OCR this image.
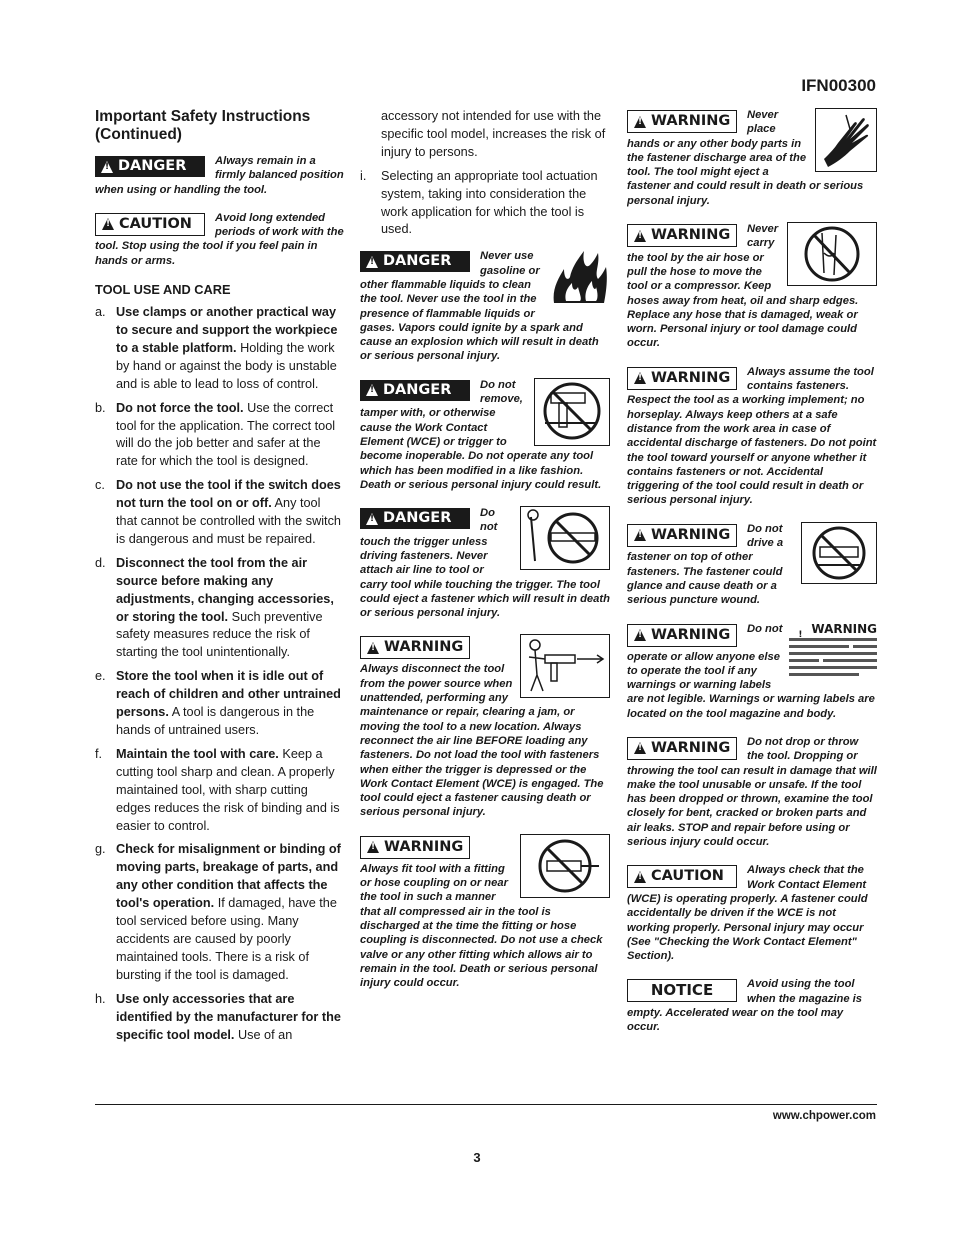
IFN00300
Important Safety Instructions
(Continued)
!
DANGER	Always remain in a firmly balanced position when using or handling the tool.

!
CAUTION	Avoid long extended periods of work with the tool. Stop using the tool if you feel pain in hands or arms.

TOOL USE AND CARE
a. Use clamps or another practical way to secure and support the workpiece to a stable platform. Holding the work by hand or against the body is unstable and is able to lead to loss of control.
b. Do not force the tool. Use the correct tool for the application. The correct tool will do the job better and safer at the rate for which the tool is designed.
c. Do not use the tool if the switch does not turn the tool on or off. Any tool that cannot be controlled with the switch is dangerous and must be repaired.
d. Disconnect the tool from the air source before making any adjustments, changing accessories, or storing the tool. Such preventive safety measures reduce the risk of starting the tool unintentionally.
e. Store the tool when it is idle out of reach of children and other untrained persons. A tool is dangerous in the hands of untrained users.
f. Maintain the tool with care. Keep a cutting tool sharp and clean. A properly maintained tool, with sharp cutting edges reduces the risk of binding and is easier to control.
g. Check for misalignment or binding of moving parts, breakage of parts, and any other condition that affects the tool's operation. If damaged, have the tool serviced before using. Many accidents are caused by poorly maintained tools. There is a risk of bursting if the tool is damaged.
h. Use only accessories that are identified by the manufacturer for the specific tool model. Use of an
accessory not intended for use with the specific tool model, increases the risk of injury to persons.
i. Selecting an appropriate tool actuation system, taking into consideration the work application for which the tool is used.
!
DANGER	Never use gasoline or other flammable liquids to clean the tool. Never use the tool in the presence of flammable liquids or gases. Vapors could ignite by a spark and cause an explosion which will result in death or serious personal injury.

!
DANGER	Do not remove, tamper with, or otherwise cause the Work Contact Element (WCE) or trigger to become inoperable. Do not operate any tool which has been modified in a like fashion. Death or serious personal injury could result.

!
DANGER	Do not touch the trigger unless driving fasteners. Never attach air line to tool or carry tool while touching the trigger. The tool could eject a fastener which will result in death or serious personal injury.

!
WARNING

Always disconnect the tool from the power source when unattended, performing any maintenance or repair, clearing a jam, or moving the tool to a new location. Always reconnect the air line BEFORE loading any fasteners. Do not load the tool with fasteners when either the trigger is depressed or the Work Contact Element (WCE) is engaged. The tool could eject a fastener causing death or serious personal injury.

!
WARNING

Always fit tool with a fitting or hose coupling on or near the tool in such a manner that all compressed air in the tool is discharged at the time the fitting or hose coupling is disconnected. Do not use a check valve or any other fitting which allows air to remain in the tool. Death or serious personal injury could occur.

!
WARNING	Never place hands or any other body parts in the fastener discharge area of the tool. The tool might eject a fastener and could result in death or serious personal injury.

!
WARNING	Never carry the tool by the air hose or pull the hose to move the tool or a compressor. Keep hoses away from heat, oil and sharp edges. Replace any hose that is damaged, weak or worn. Personal injury or tool damage could occur.

!
WARNING	Always assume the tool contains fasteners. Respect the tool as a working implement; no horseplay. Always keep others at a safe distance from the work area in case of accidental discharge of fasteners. Do not point the tool toward yourself or anyone whether it contains fasteners or not. Accidental triggering of the tool could result in death or serious personal injury.

!
WARNING	Do not drive a fastener on top of other fasteners. The fastener could glance and cause death or a serious puncture wound.

WARNING
!
WARNING	Do not operate or allow anyone else to operate the tool if any warnings or warning labels are not legible. Warnings or warning labels are located on the tool magazine and body.

!
WARNING	Do not drop or throw the tool. Dropping or throwing the tool can result in damage that will make the tool unusable or unsafe. If the tool has been dropped or thrown, examine the tool closely for bent, cracked or broken parts and air leaks. STOP and repair before using or serious injury could occur.

!
CAUTION	Always check that the Work Contact Element (WCE) is operating properly. A fastener could accidentally be driven if the WCE is not working properly. Personal injury may occur (See "Checking the Work Contact Element" Section).

NOTICE	Avoid using the tool when the magazine is empty. Accelerated wear on the tool may occur.

www.chpower.com
3
